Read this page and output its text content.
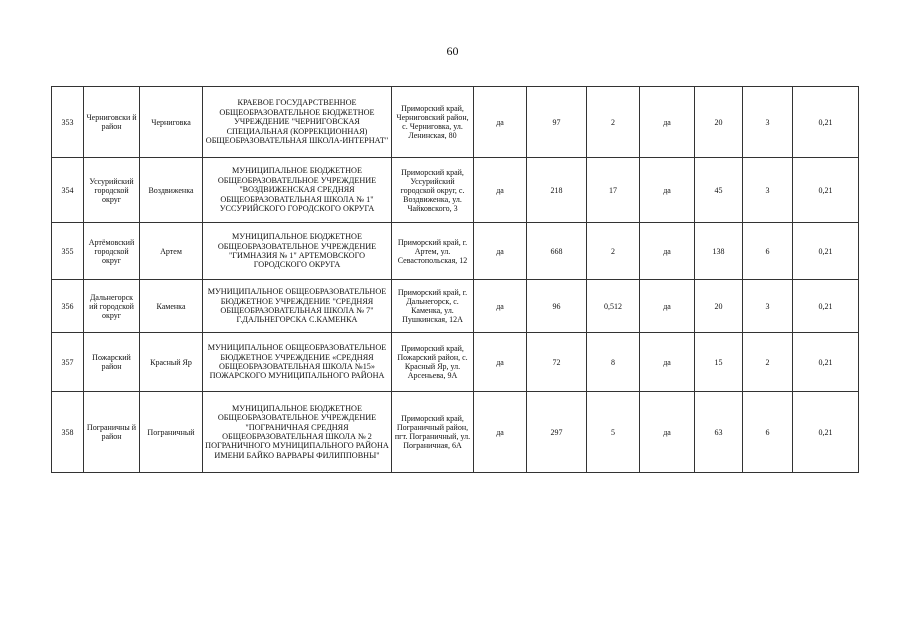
60
353	Черниговски й район	Черниговка	КРАЕВОЕ ГОСУДАРСТВЕННОЕ ОБЩЕОБРАЗОВАТЕЛЬНОЕ БЮДЖЕТНОЕ УЧРЕЖДЕНИЕ "ЧЕРНИГОВСКАЯ СПЕЦИАЛЬНАЯ (КОРРЕКЦИОННАЯ) ОБЩЕОБРАЗОВАТЕЛЬНАЯ ШКОЛА-ИНТЕРНАТ"	Приморский край, Черниговский район, с. Черниговка, ул. Ленинская, 80	да	97	2	да	20	3	0,21
354	Уссурийский городской округ	Воздвиженка	МУНИЦИПАЛЬНОЕ БЮДЖЕТНОЕ ОБЩЕОБРАЗОВАТЕЛЬНОЕ УЧРЕЖДЕНИЕ "ВОЗДВИЖЕНСКАЯ СРЕДНЯЯ ОБЩЕОБРАЗОВАТЕЛЬНАЯ ШКОЛА № 1" УССУРИЙСКОГО ГОРОДСКОГО ОКРУГА	Приморский край, Уссурийский городской округ, с. Воздвиженка, ул. Чайковского, 3	да	218	17	да	45	3	0,21
355	Артёмовский городской округ	Артем	МУНИЦИПАЛЬНОЕ БЮДЖЕТНОЕ ОБЩЕОБРАЗОВАТЕЛЬНОЕ УЧРЕЖДЕНИЕ "ГИМНАЗИЯ № 1" АРТЕМОВСКОГО ГОРОДСКОГО ОКРУГА	Приморский край, г. Артем, ул. Севастопольская, 12	да	668	2	да	138	6	0,21
356	Дальнегорск ий городской округ	Каменка	МУНИЦИПАЛЬНОЕ ОБЩЕОБРАЗОВАТЕЛЬНОЕ БЮДЖЕТНОЕ УЧРЕЖДЕНИЕ "СРЕДНЯЯ ОБЩЕОБРАЗОВАТЕЛЬНАЯ ШКОЛА № 7" Г.ДАЛЬНЕГОРСКА С.КАМЕНКА	Приморский край, г. Дальнегорск, с. Каменка, ул. Пушкинская, 12А	да	96	0,512	да	20	3	0,21
357	Пожарский район	Красный Яр	МУНИЦИПАЛЬНОЕ ОБЩЕОБРАЗОВАТЕЛЬНОЕ БЮДЖЕТНОЕ УЧРЕЖДЕНИЕ «СРЕДНЯЯ ОБЩЕОБРАЗОВАТЕЛЬНАЯ ШКОЛА №15» ПОЖАРСКОГО МУНИЦИПАЛЬНОГО РАЙОНА	Приморский край, Пожарский район, с. Красный Яр, ул. Арсеньева, 9А	да	72	8	да	15	2	0,21
358	Пограничны й район	Пограничный	МУНИЦИПАЛЬНОЕ БЮДЖЕТНОЕ ОБЩЕОБРАЗОВАТЕЛЬНОЕ УЧРЕЖДЕНИЕ "ПОГРАНИЧНАЯ СРЕДНЯЯ ОБЩЕОБРАЗОВАТЕЛЬНАЯ ШКОЛА № 2 ПОГРАНИЧНОГО МУНИЦИПАЛЬНОГО РАЙОНА ИМЕНИ БАЙКО ВАРВАРЫ ФИЛИППОВНЫ"	Приморский край, Пограничный район, пгт. Пограничный, ул. Пограничная, 6А	да	297	5	да	63	6	0,21
